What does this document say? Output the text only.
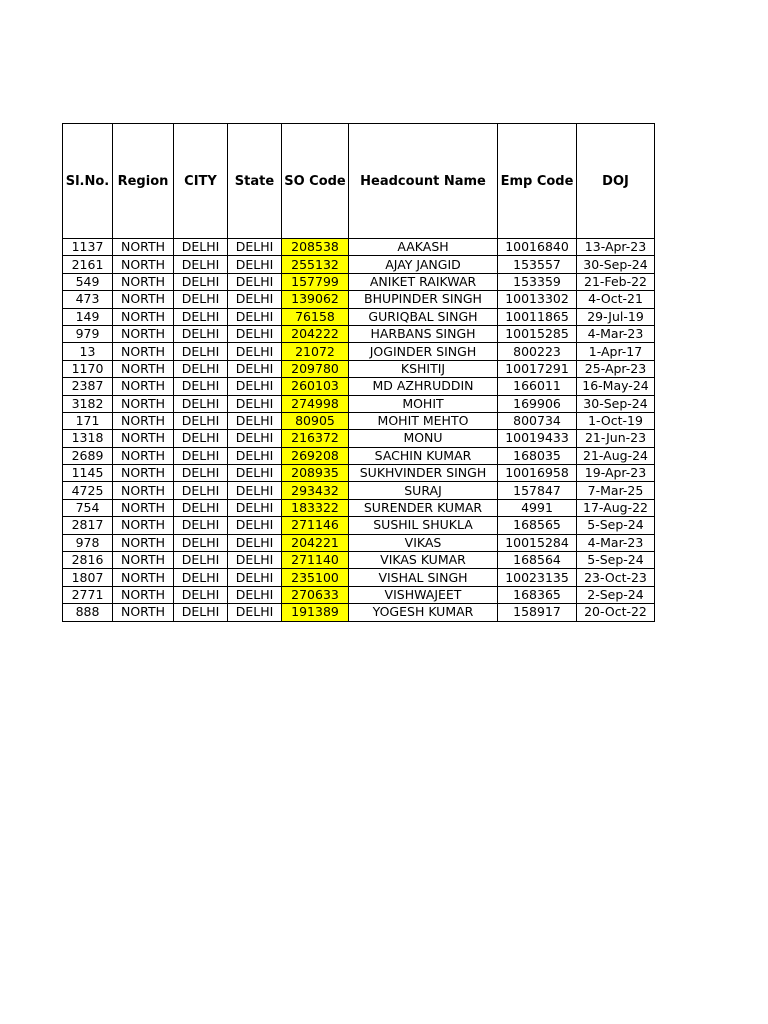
Sl.No.	Region	CITY	State	SO Code	Headcount Name	Emp Code	DOJ
1137	NORTH	DELHI	DELHI	208538	AAKASH	10016840	13-Apr-23
2161	NORTH	DELHI	DELHI	255132	AJAY JANGID	153557	30-Sep-24
549	NORTH	DELHI	DELHI	157799	ANIKET RAIKWAR	153359	21-Feb-22
473	NORTH	DELHI	DELHI	139062	BHUPINDER SINGH	10013302	4-Oct-21
149	NORTH	DELHI	DELHI	76158	GURIQBAL SINGH	10011865	29-Jul-19
979	NORTH	DELHI	DELHI	204222	HARBANS SINGH	10015285	4-Mar-23
13	NORTH	DELHI	DELHI	21072	JOGINDER SINGH	800223	1-Apr-17
1170	NORTH	DELHI	DELHI	209780	KSHITIJ	10017291	25-Apr-23
2387	NORTH	DELHI	DELHI	260103	MD AZHRUDDIN	166011	16-May-24
3182	NORTH	DELHI	DELHI	274998	MOHIT	169906	30-Sep-24
171	NORTH	DELHI	DELHI	80905	MOHIT MEHTO	800734	1-Oct-19
1318	NORTH	DELHI	DELHI	216372	MONU	10019433	21-Jun-23
2689	NORTH	DELHI	DELHI	269208	SACHIN KUMAR	168035	21-Aug-24
1145	NORTH	DELHI	DELHI	208935	SUKHVINDER SINGH	10016958	19-Apr-23
4725	NORTH	DELHI	DELHI	293432	SURAJ	157847	7-Mar-25
754	NORTH	DELHI	DELHI	183322	SURENDER KUMAR	4991	17-Aug-22
2817	NORTH	DELHI	DELHI	271146	SUSHIL SHUKLA	168565	5-Sep-24
978	NORTH	DELHI	DELHI	204221	VIKAS	10015284	4-Mar-23
2816	NORTH	DELHI	DELHI	271140	VIKAS KUMAR	168564	5-Sep-24
1807	NORTH	DELHI	DELHI	235100	VISHAL SINGH	10023135	23-Oct-23
2771	NORTH	DELHI	DELHI	270633	VISHWAJEET	168365	2-Sep-24
888	NORTH	DELHI	DELHI	191389	YOGESH KUMAR	158917	20-Oct-22
